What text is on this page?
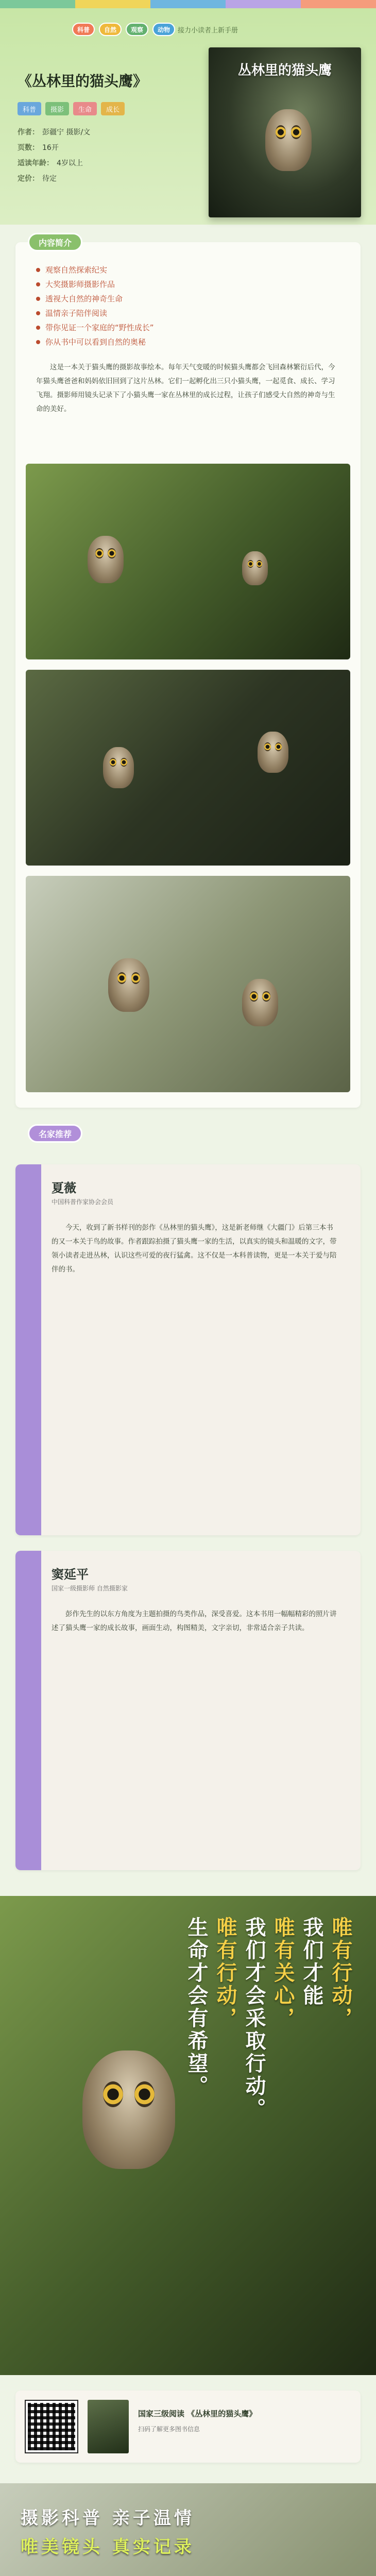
科普	自然	观察	动物	接力小读者上新手册
《丛林里的猫头鹰》
科普	摄影	生命	成长
作者： 彭疆宁 摄影/文
页数： 16开
适读年龄： 4岁以上
定价： 待定
丛林里的猫头鹰
内容简介
观察自然探索纪实
大奖摄影师摄影作品
透视大自然的神奇生命
温情亲子陪伴阅读
带你见证一个家庭的“野性成长”
你从书中可以看到自然的奥秘
这是一本关于猫头鹰的摄影故事绘本。每年天气变暖的时候猫头鹰都会飞回森林繁衍后代，今年猫头鹰爸爸和妈妈依旧回到了这片丛林。它们一起孵化出三只小猫头鹰，一起觅食、成长、学习飞翔。摄影师用镜头记录下了小猫头鹰一家在丛林里的成长过程，让孩子们感受大自然的神奇与生命的美好。
名家推荐
夏薇
中国科普作家协会会员
今天，收到了新书样刊的彭作《丛林里的猫头鹰》，这是新老师继《大疆门》后第三本书的又一本关于鸟的故事。作者跟踪拍摄了猫头鹰一家的生活，以真实的镜头和温暖的文字，带领小读者走进丛林，认识这些可爱的夜行猛禽。这不仅是一本科普读物，更是一本关于爱与陪伴的书。
窦延平
国家一级摄影师 自然摄影家
彭作先生的以东方角度为主题拍摄的鸟类作品，深受喜爱。这本书用一幅幅精彩的照片讲述了猫头鹰一家的成长故事，画面生动，构图精美，文字亲切，非常适合亲子共读。
唯有行动，
我们才能
唯有关心，
我们才会采取行动。
唯有行动，
生命才会有希望。
国家三级阅读 《丛林里的猫头鹰》
扫码了解更多图书信息
摄影科普 亲子温情
唯美镜头 真实记录
